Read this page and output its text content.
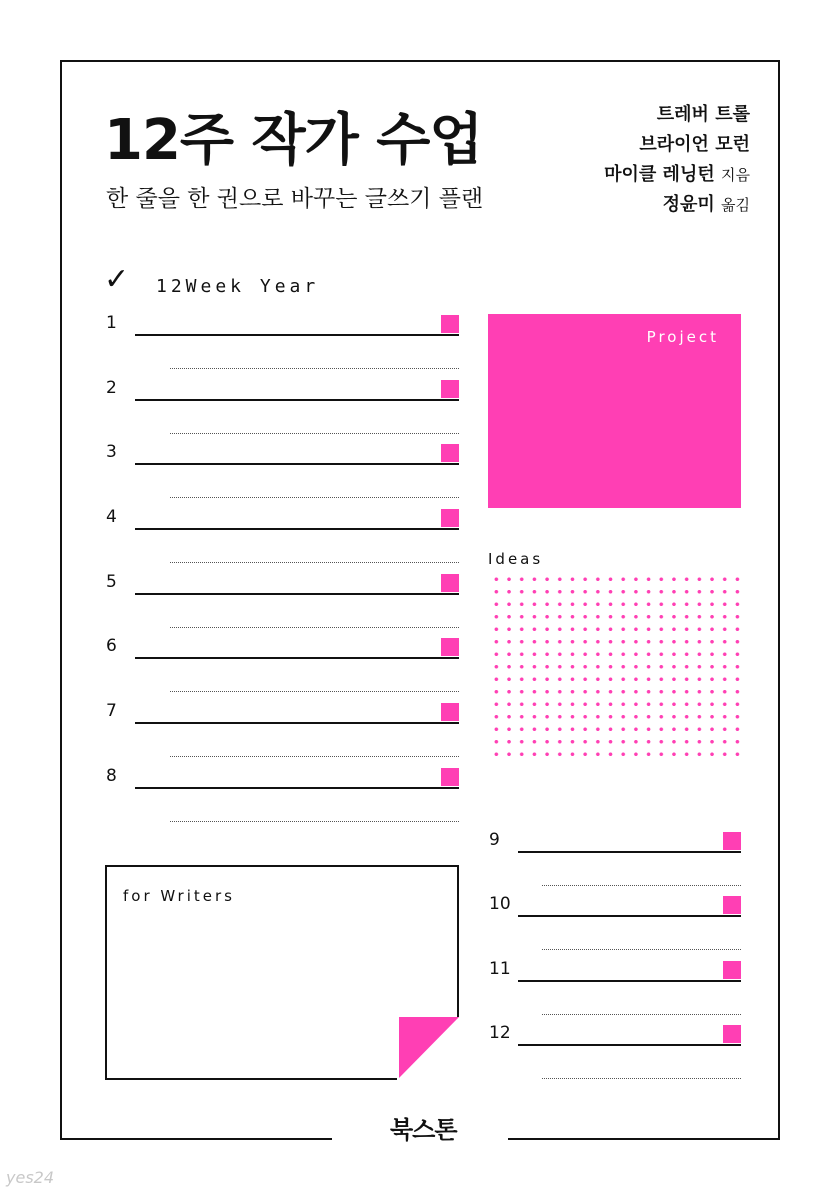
12주 작가 수업
한 줄을 한 권으로 바꾸는 글쓰기 플랜
트레버 트롤
브라이언 모런
마이클 레닝턴 지음
정윤미 옮김
✓ 12Week Year
1
2
3
4
5
6
7
8
Project
Ideas
9
10
11
12
for Writers
북스톤
yes24
